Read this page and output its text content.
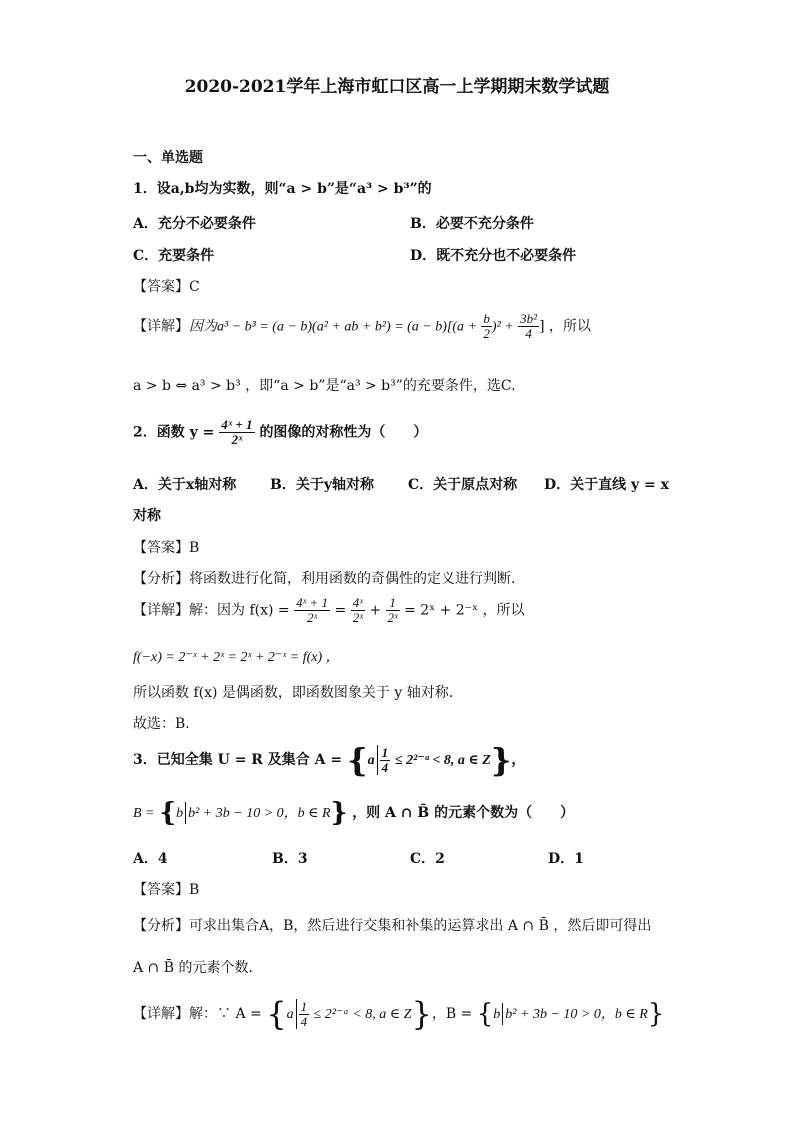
2020-2021学年上海市虹口区高一上学期期末数学试题
一、单选题
1．设a,b均为实数，则“a > b”是“a³ > b³”的
A．充分不必要条件	B．必要不充分条件
C．充要条件	D．既不充分也不必要条件
【答案】C
【详解】因为a³ − b³ = (a − b)(a² + ab + $b^2) = (a - b)[(a + \frac{b}{2} )^2 + \frac{\text{3b²}}{4}$ ] ，所以
a > b ⇔ a³ > b³ ，即“a > b”是“a³ > b³”的充要条件，选C.
2．函数 $y = \frac{\text{4ˣ + 1}}{\text{2ˣ}}$ 的图像的对称性为（　　）
A．关于x轴对称 B．关于y轴对称 C．关于原点对称 D．关于直线 y = x
对称
【答案】B
【分析】将函数进行化简，利用函数的奇偶性的定义进行判断．
【详解】解：因为 $f(x) = \frac{\text{4ˣ + 1}}{\text{2ˣ}} = \frac{\text{4ˣ}}{\text{2ˣ}} + \frac{1}{\text{2ˣ}}$ = 2ˣ + 2⁻ˣ ，所以
f(−x) = 2⁻ˣ + 2ˣ = 2ˣ + 2⁻ˣ = f(x) ，
所以函数 f(x) 是偶函数，即函数图象关于 y 轴对称．
故选：B．
3．已知全集 U = R 及集合 $A = \{a \frac{1}{4}$ ≤ 2²⁻ᵃ < 8, a ∈ Z}，
B = {b b² + 3b − 10 > 0，b ∈ R} ，则 A ∩ B̄ 的元素个数为（　　）
A．4	B．3	C．2	D．1
【答案】B
【分析】可求出集合A，B，然后进行交集和补集的运算求出 A ∩ B̄ ，然后即可得出
A ∩ B̄ 的元素个数．
【详解】解：∵ $A = \{a \frac{1}{4}$ ≤ 2²⁻ᵃ < 8, a ∈ Z}，B = {b b² + 3b − 10 > 0，b ∈ R}
